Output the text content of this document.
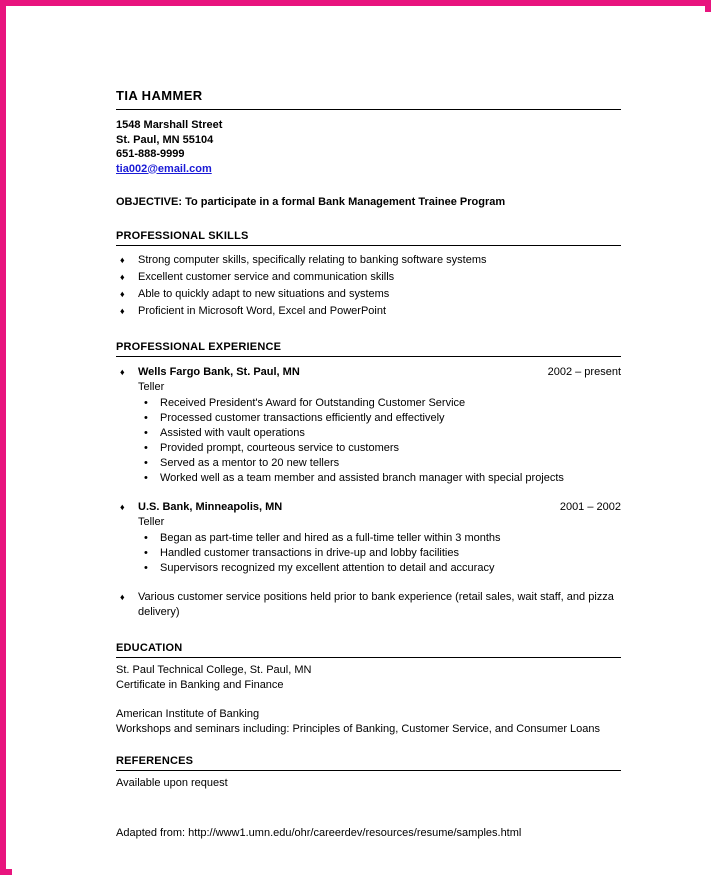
TIA HAMMER
1548 Marshall Street
St. Paul, MN 55104
651-888-9999
tia002@email.com
OBJECTIVE: To participate in a formal Bank Management Trainee Program
PROFESSIONAL SKILLS
♦ Strong computer skills, specifically relating to banking software systems
♦ Excellent customer service and communication skills
♦ Able to quickly adapt to new situations and systems
♦ Proficient in Microsoft Word, Excel and PowerPoint
PROFESSIONAL EXPERIENCE
♦ Wells Fargo Bank, St. Paul, MN	2002 – present
Teller
• Received President's Award for Outstanding Customer Service
• Processed customer transactions efficiently and effectively
• Assisted with vault operations
• Provided prompt, courteous service to customers
• Served as a mentor to 20 new tellers
• Worked well as a team member and assisted branch manager with special projects
♦ U.S. Bank, Minneapolis, MN	2001 – 2002
Teller
• Began as part-time teller and hired as a full-time teller within 3 months
• Handled customer transactions in drive-up and lobby facilities
• Supervisors recognized my excellent attention to detail and accuracy
♦ Various customer service positions held prior to bank experience (retail sales, wait staff, and pizza delivery)
EDUCATION
St. Paul Technical College, St. Paul, MN
Certificate in Banking and Finance
American Institute of Banking
Workshops and seminars including: Principles of Banking, Customer Service, and Consumer Loans
REFERENCES
Available upon request
Adapted from: http://www1.umn.edu/ohr/careerdev/resources/resume/samples.html
